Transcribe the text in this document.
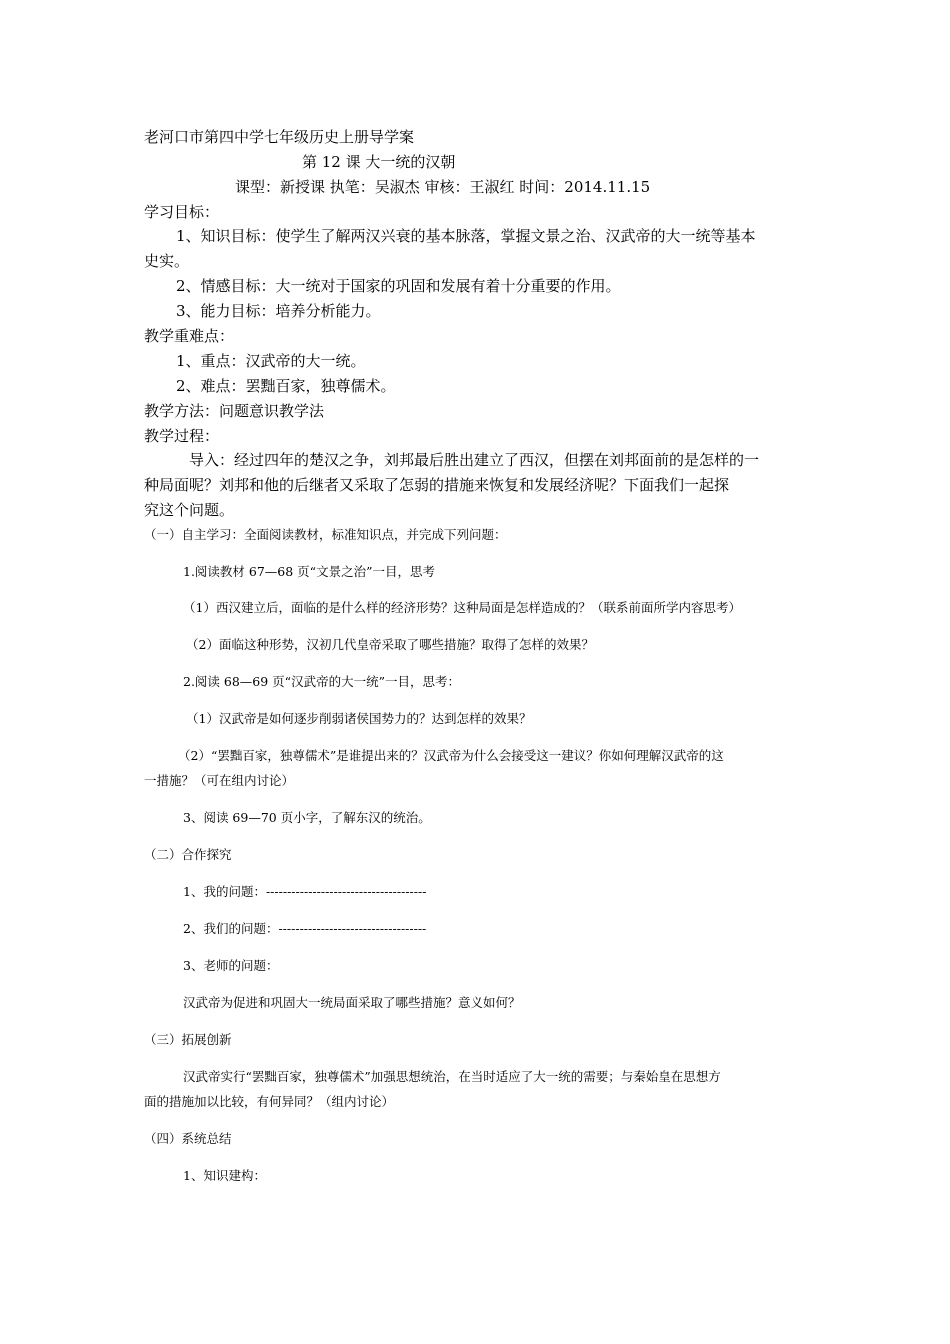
老河口市第四中学七年级历史上册导学案
第 12 课 大一统的汉朝
课型：新授课 执笔：吴淑杰 审核：王淑红 时间：2014.11.15
学习目标：
1、知识目标：使学生了解两汉兴衰的基本脉落，掌握文景之治、汉武帝的大一统等基本
史实。
2、情感目标：大一统对于国家的巩固和发展有着十分重要的作用。
3、能力目标：培养分析能力。
教学重难点：
1、重点：汉武帝的大一统。
2、难点：罢黜百家，独尊儒术。
教学方法：问题意识教学法
教学过程：
导入：经过四年的楚汉之争，刘邦最后胜出建立了西汉，但摆在刘邦面前的是怎样的一
种局面呢？刘邦和他的后继者又采取了怎弱的措施来恢复和发展经济呢？下面我们一起探
究这个问题。
（一）自主学习：全面阅读教材，标准知识点，并完成下列问题：
1.阅读教材 67—68 页“文景之治”一目，思考
（1）西汉建立后，面临的是什么样的经济形势？这种局面是怎样造成的？（联系前面所学内容思考）
（2）面临这种形势，汉初几代皇帝采取了哪些措施？取得了怎样的效果？
2.阅读 68—69 页“汉武帝的大一统”一目，思考：
（1）汉武帝是如何逐步削弱诸侯国势力的？达到怎样的效果？
（2）“罢黜百家，独尊儒术”是谁提出来的？汉武帝为什么会接受这一建议？你如何理解汉武帝的这
一措施？（可在组内讨论）
3、阅读 69—70 页小字，了解东汉的统治。
（二）合作探究
1、我的问题：--------------------------------------
2、我们的问题：-----------------------------------
3、老师的问题：
汉武帝为促进和巩固大一统局面采取了哪些措施？意义如何？
（三）拓展创新
汉武帝实行“罢黜百家，独尊儒术”加强思想统治，在当时适应了大一统的需要；与秦始皇在思想方
面的措施加以比较，有何异同？（组内讨论）
（四）系统总结
1、知识建构：
